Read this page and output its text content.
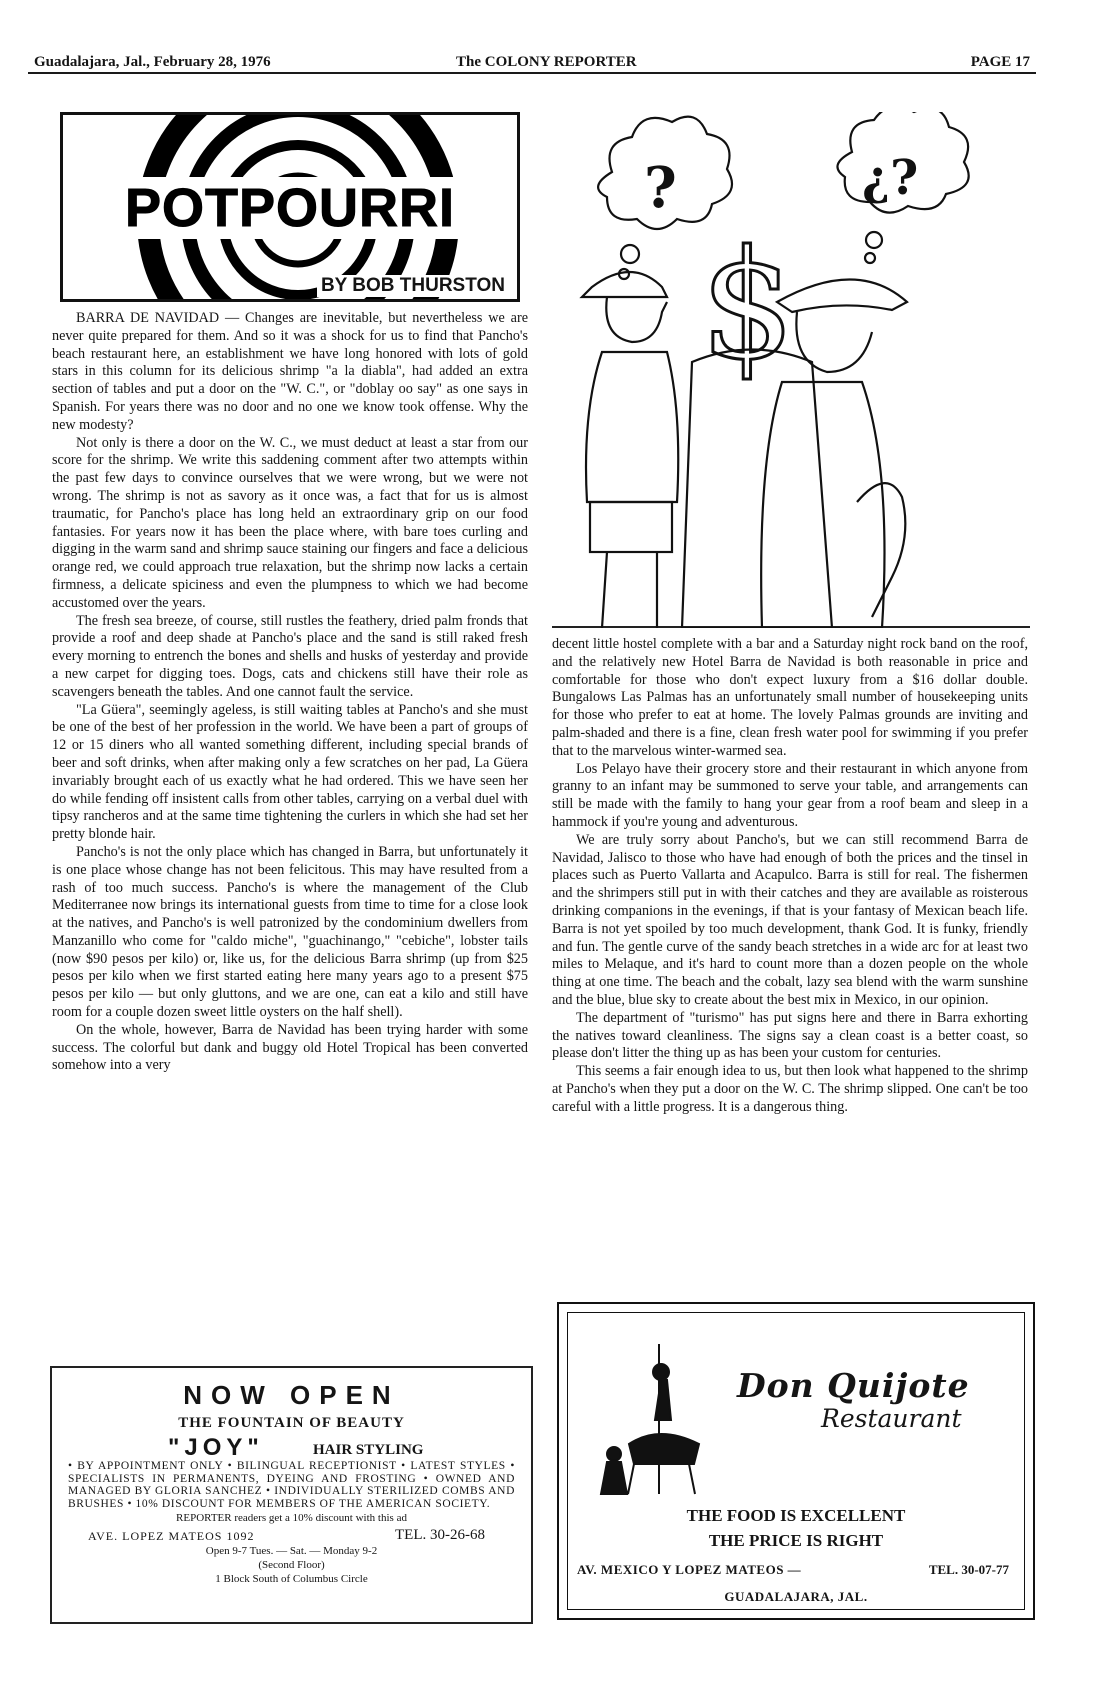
Guadalajara, Jal., February 28, 1976	The COLONY REPORTER	PAGE 17
POTPOURRI
BY BOB THURSTON

BARRA DE NAVIDAD — Changes are inevitable, but nevertheless we are never quite prepared for them. And so it was a shock for us to find that Pancho's beach restaurant here, an establishment we have long honored with lots of gold stars in this column for its delicious shrimp "a la diabla", had added an extra section of tables and put a door on the "W. C.", or "doblay oo say" as one says in Spanish. For years there was no door and no one we know took offense. Why the new modesty?

Not only is there a door on the W. C., we must deduct at least a star from our score for the shrimp. We write this saddening comment after two attempts within the past few days to convince ourselves that we were wrong, but we were not wrong. The shrimp is not as savory as it once was, a fact that for us is almost traumatic, for Pancho's place has long held an extraordinary grip on our food fantasies. For years now it has been the place where, with bare toes curling and digging in the warm sand and shrimp sauce staining our fingers and face a delicious orange red, we could approach true relaxation, but the shrimp now lacks a certain firmness, a delicate spiciness and even the plumpness to which we had become accustomed over the years.

The fresh sea breeze, of course, still rustles the feathery, dried palm fronds that provide a roof and deep shade at Pancho's place and the sand is still raked fresh every morning to entrench the bones and shells and husks of yesterday and provide a new carpet for digging toes. Dogs, cats and chickens still have their role as scavengers beneath the tables. And one cannot fault the service.

"La Güera", seemingly ageless, is still waiting tables at Pancho's and she must be one of the best of her profession in the world. We have been a part of groups of 12 or 15 diners who all wanted something different, including special brands of beer and soft drinks, when after making only a few scratches on her pad, La Güera invariably brought each of us exactly what he had ordered. This we have seen her do while fending off insistent calls from other tables, carrying on a verbal duel with tipsy rancheros and at the same time tightening the curlers in which she had set her pretty blonde hair.

Pancho's is not the only place which has changed in Barra, but unfortunately it is one place whose change has not been felicitous. This may have resulted from a rash of too much success. Pancho's is where the management of the Club Mediterranee now brings its international guests from time to time for a close look at the natives, and Pancho's is well patronized by the condominium dwellers from Manzanillo who come for "caldo miche", "guachinango," "cebiche", lobster tails (now $90 pesos per kilo) or, like us, for the delicious Barra shrimp (up from $25 pesos per kilo when we first started eating here many years ago to a present $75 pesos per kilo — but only gluttons, and we are one, can eat a kilo and still have room for a couple dozen sweet little oysters on the half shell).

On the whole, however, Barra de Navidad has been trying harder with some success. The colorful but dank and buggy old Hotel Tropical has been converted somehow into a very

?	¿?
$

decent little hostel complete with a bar and a Saturday night rock band on the roof, and the relatively new Hotel Barra de Navidad is both reasonable in price and comfortable for those who don't expect luxury from a $16 dollar double. Bungalows Las Palmas has an unfortunately small number of housekeeping units for those who prefer to eat at home. The lovely Palmas grounds are inviting and palm-shaded and there is a fine, clean fresh water pool for swimming if you prefer that to the marvelous winter-warmed sea.

Los Pelayo have their grocery store and their restaurant in which anyone from granny to an infant may be summoned to serve your table, and arrangements can still be made with the family to hang your gear from a roof beam and sleep in a hammock if you're young and adventurous.

We are truly sorry about Pancho's, but we can still recommend Barra de Navidad, Jalisco to those who have had enough of both the prices and the tinsel in places such as Puerto Vallarta and Acapulco. Barra is still for real. The fishermen and the shrimpers still put in with their catches and they are available as roisterous drinking companions in the evenings, if that is your fantasy of Mexican beach life. Barra is not yet spoiled by too much development, thank God. It is funky, friendly and fun. The gentle curve of the sandy beach stretches in a wide arc for at least two miles to Melaque, and it's hard to count more than a dozen people on the whole thing at one time. The beach and the cobalt, lazy sea blend with the warm sunshine and the blue, blue sky to create about the best mix in Mexico, in our opinion.

The department of "turismo" has put signs here and there in Barra exhorting the natives toward cleanliness. The signs say a clean coast is a better coast, so please don't litter the thing up as has been your custom for centuries.

This seems a fair enough idea to us, but then look what happened to the shrimp at Pancho's when they put a door on the W. C. The shrimp slipped. One can't be too careful with a little progress. It is a dangerous thing.

NOW OPEN
THE FOUNTAIN OF BEAUTY
"JOY"	HAIR STYLING
• BY APPOINTMENT ONLY • BILINGUAL RECEPTIONIST • LATEST STYLES • SPECIALISTS IN PERMANENTS, DYEING AND FROSTING • OWNED AND MANAGED BY GLORIA SANCHEZ • INDIVIDUALLY STERILIZED COMBS AND BRUSHES • 10% DISCOUNT FOR MEMBERS OF THE AMERICAN SOCIETY.
REPORTER readers get a 10% discount with this ad
AVE. LOPEZ MATEOS 1092	TEL. 30-26-68
Open 9-7 Tues. — Sat. — Monday 9-2
(Second Floor)
1 Block South of Columbus Circle
Don Quijote
Restaurant
THE FOOD IS EXCELLENT
THE PRICE IS RIGHT
AV. MEXICO Y LOPEZ MATEOS —	TEL. 30-07-77
GUADALAJARA, JAL.
